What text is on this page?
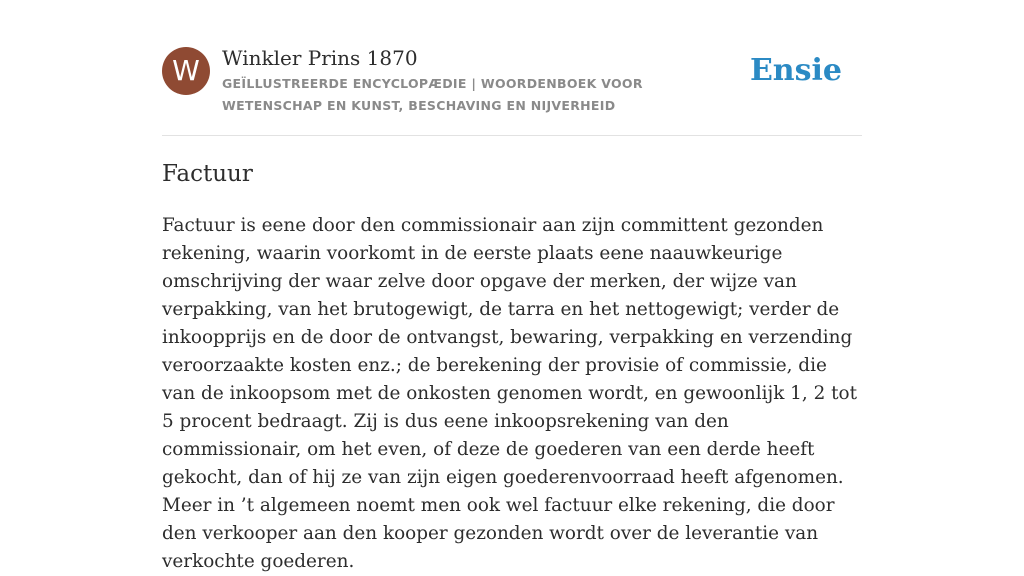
W	Winkler Prins 1870
GEÏLLUSTREERDE ENCYCLOPÆDIE | WOORDENBOEK VOOR WETENSCHAP EN KUNST, BESCHAVING EN NIJVERHEID
Ensie
Factuur

Factuur is eene door den commissionair aan zijn committent gezonden rekening, waarin voorkomt in de eerste plaats eene naauwkeurige omschrijving der waar zelve door opgave der merken, der wijze van verpakking, van het brutogewigt, de tarra en het nettogewigt; verder de inkoopprijs en de door de ontvangst, bewaring, verpakking en verzending veroorzaakte kosten enz.; de berekening der provisie of commissie, die van de inkoopsom met de onkosten genomen wordt, en gewoonlijk 1, 2 tot 5 procent bedraagt. Zij is dus eene inkoopsrekening van den commissionair, om het even, of deze de goederen van een derde heeft gekocht, dan of hij ze van zijn eigen goederenvoorraad heeft afgenomen. Meer in ’t algemeen noemt men ook wel factuur elke rekening, die door den verkooper aan den kooper gezonden wordt over de leverantie van verkochte goederen.
